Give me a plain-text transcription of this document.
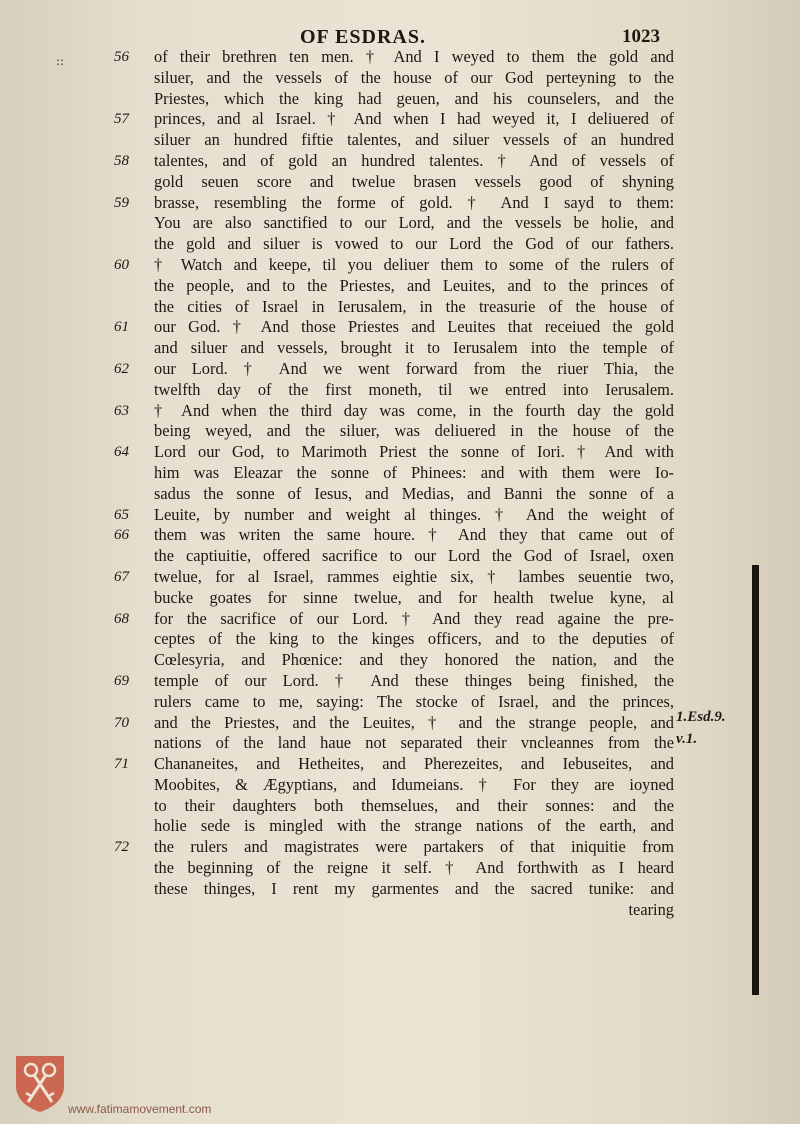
OF ESDRAS.	1023
::	56
57
58
59
60
61
62
63
64
65
66
67
68
69
70
71
72
of their brethren ten men. † And I weyed to them the gold and
siluer, and the vessels of the house of our God perteyning to the
Priestes, which the king had geuen, and his counselers, and the
princes, and al Israel. † And when I had weyed it, I deliuered of
siluer an hundred fiftie talentes, and siluer vessels of an hundred
talentes, and of gold an hundred talentes. † And of vessels of
gold seuen score and twelue brasen vessels good of shyning
brasse, resembling the forme of gold. † And I sayd to them:
You are also sanctified to our Lord, and the vessels be holie, and
the gold and siluer is vowed to our Lord the God of our fathers.
† Watch and keepe, til you deliuer them to some of the rulers of
the people, and to the Priestes, and Leuites, and to the princes of
the cities of Israel in Ierusalem, in the treasurie of the house of
our God. † And those Priestes and Leuites that receiued the gold
and siluer and vessels, brought it to Ierusalem into the temple of
our Lord. † And we went forward from the riuer Thia, the
twelfth day of the first moneth, til we entred into Ierusalem.
† And when the third day was come, in the fourth day the gold
being weyed, and the siluer, was deliuered in the house of the
Lord our God, to Marimoth Priest the sonne of Iori. † And with
him was Eleazar the sonne of Phinees: and with them were Io-
sadus the sonne of Iesus, and Medias, and Banni the sonne of a
Leuite, by number and weight al thinges. † And the weight of
them was writen the same houre. † And they that came out of
the captiuitie, offered sacrifice to our Lord the God of Israel, oxen
twelue, for al Israel, rammes eightie six, † lambes seuentie two,
bucke goates for sinne twelue, and for health twelue kyne, al
for the sacrifice of our Lord. † And they read againe the pre-
ceptes of the king to the kinges officers, and to the deputies of
Cœlesyria, and Phœnice: and they honored the nation, and the
temple of our Lord. † And these thinges being finished, the
rulers came to me, saying: The stocke of Israel, and the princes,
and the Priestes, and the Leuites, † and the strange people, and
nations of the land haue not separated their vncleannes from the
Chananeites, and Hetheites, and Pherezeites, and Iebuseites, and
Moobites, & Ægyptians, and Idumeians. † For they are ioyned
to their daughters both themselues, and their sonnes: and the
holie sede is mingled with the strange nations of the earth, and
the rulers and magistrates were partakers of that iniquitie from
the beginning of the reigne it self. † And forthwith as I heard
these thinges, I rent my garmentes and the sacred tunike: and
tearing
1.Esd.9.
v.1.
www.fatimamovement.com
